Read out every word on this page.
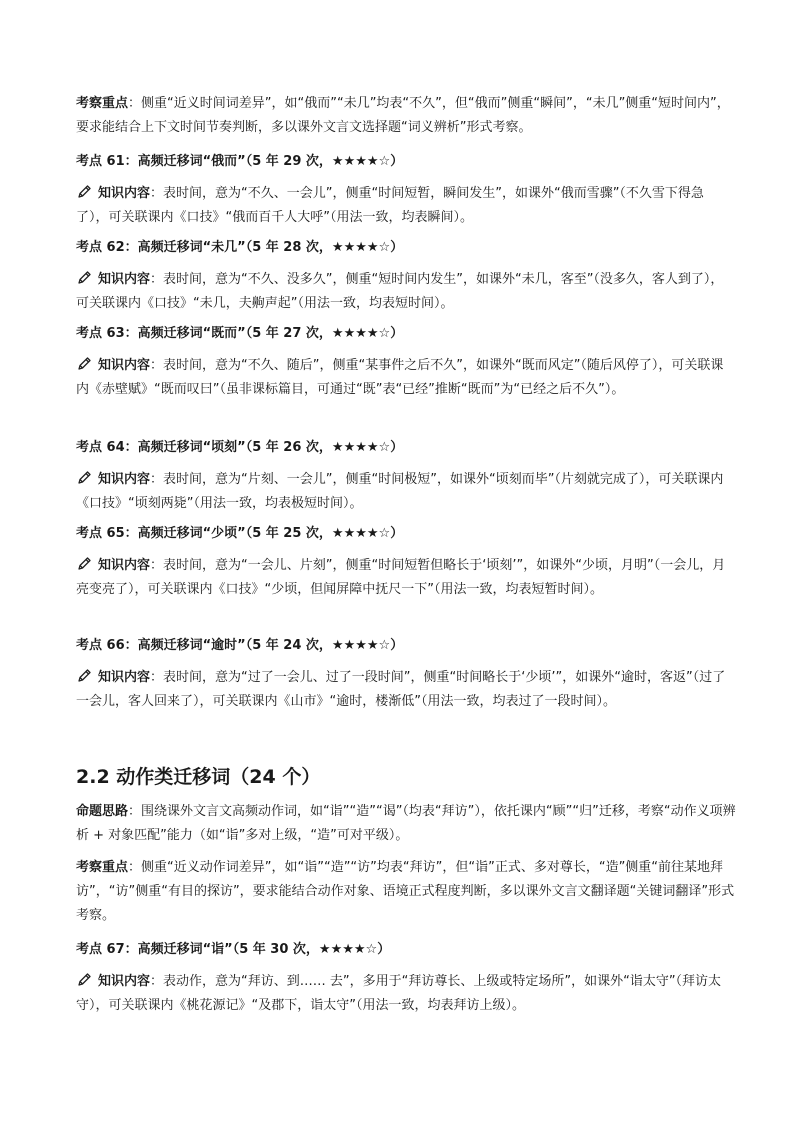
考察重点：侧重“近义时间词差异”，如“俄而”“未几”均表“不久”，但“俄而”侧重“瞬间”，“未几”侧重“短时间内”，要求能结合上下文时间节奏判断，多以课外文言文选择题“词义辨析”形式考察。

考点 61：高频迁移词“俄而”（5 年 29 次，★★★★☆）

知识内容：表时间，意为“不久、一会儿”，侧重“时间短暂，瞬间发生”，如课外“俄而雪骤”（不久雪下得急了），可关联课内《口技》“俄而百千人大呼”（用法一致，均表瞬间）。

考点 62：高频迁移词“未几”（5 年 28 次，★★★★☆）

知识内容：表时间，意为“不久、没多久”，侧重“短时间内发生”，如课外“未几，客至”（没多久，客人到了），可关联课内《口技》“未几，夫齁声起”（用法一致，均表短时间）。

考点 63：高频迁移词“既而”（5 年 27 次，★★★★☆）

知识内容：表时间，意为“不久、随后”，侧重“某事件之后不久”，如课外“既而风定”（随后风停了），可关联课内《赤壁赋》“既而叹曰”（虽非课标篇目，可通过“既”表“已经”推断“既而”为“已经之后不久”）。

考点 64：高频迁移词“顷刻”（5 年 26 次，★★★★☆）

知识内容：表时间，意为“片刻、一会儿”，侧重“时间极短”，如课外“顷刻而毕”（片刻就完成了），可关联课内《口技》“顷刻两毙”（用法一致，均表极短时间）。

考点 65：高频迁移词“少顷”（5 年 25 次，★★★★☆）

知识内容：表时间，意为“一会儿、片刻”，侧重“时间短暂但略长于‘顷刻’”，如课外“少顷，月明”（一会儿，月亮变亮了），可关联课内《口技》“少顷，但闻屏障中抚尺一下”（用法一致，均表短暂时间）。

考点 66：高频迁移词“逾时”（5 年 24 次，★★★★☆）

知识内容：表时间，意为“过了一会儿、过了一段时间”，侧重“时间略长于‘少顷’”，如课外“逾时，客返”（过了一会儿，客人回来了），可关联课内《山市》“逾时，楼渐低”（用法一致，均表过了一段时间）。

2.2 动作类迁移词（24 个）

命题思路：围绕课外文言文高频动作词，如“诣”“造”“谒”（均表“拜访”），依托课内“顾”“归”迁移，考察“动作义项辨析 + 对象匹配”能力（如“诣”多对上级，“造”可对平级）。

考察重点：侧重“近义动作词差异”，如“诣”“造”“访”均表“拜访”，但“诣”正式、多对尊长，“造”侧重“前往某地拜访”，“访”侧重“有目的探访”，要求能结合动作对象、语境正式程度判断，多以课外文言文翻译题“关键词翻译”形式考察。

考点 67：高频迁移词“诣”（5 年 30 次，★★★★☆）

知识内容：表动作，意为“拜访、到…… 去”，多用于“拜访尊长、上级或特定场所”，如课外“诣太守”（拜访太守），可关联课内《桃花源记》“及郡下，诣太守”（用法一致，均表拜访上级）。
